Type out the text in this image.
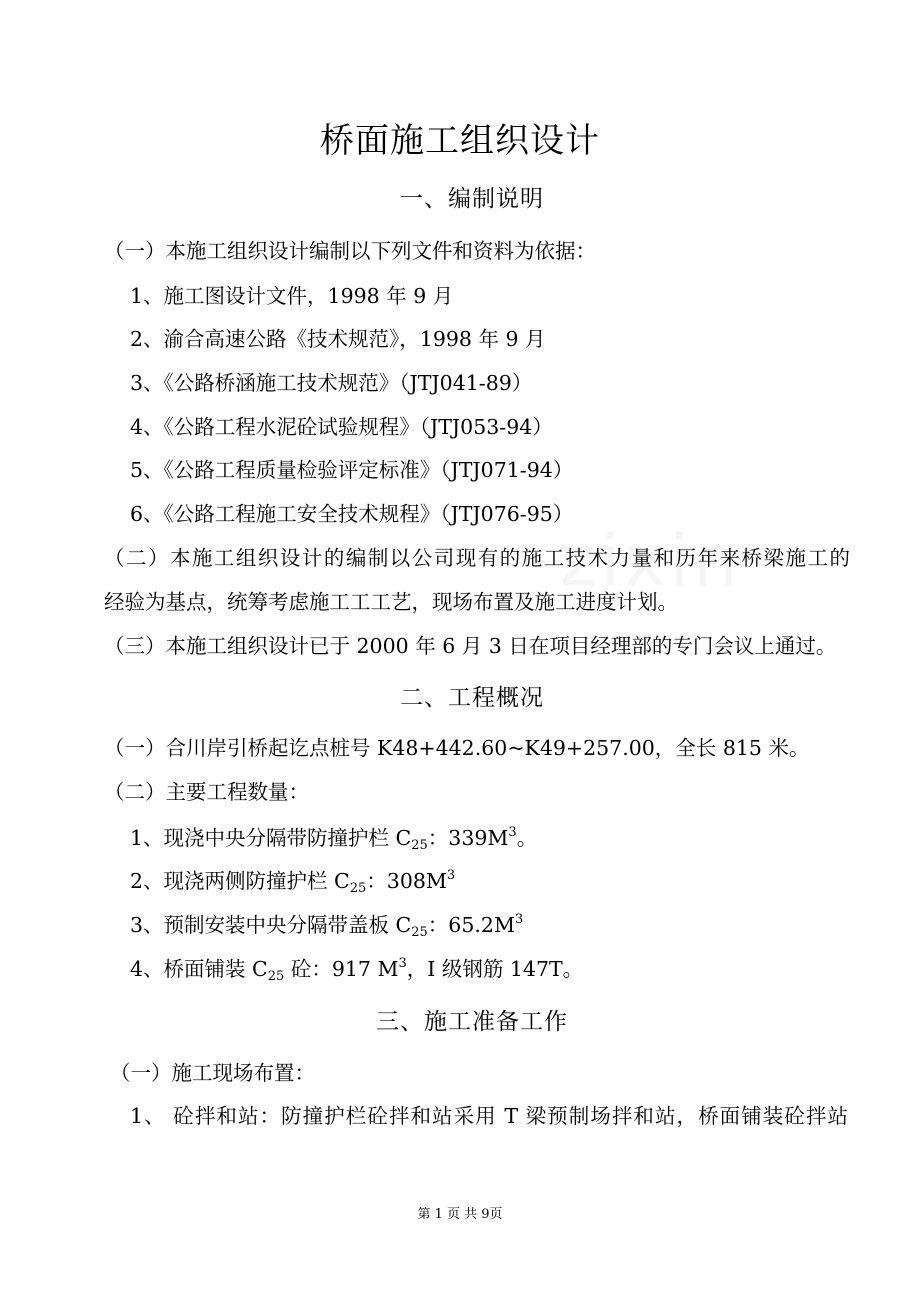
桥面施工组织设计
一、编制说明
（一）本施工组织设计编制以下列文件和资料为依据：
1、施工图设计文件，1998 年 9 月
2、渝合高速公路《技术规范》，1998 年 9 月
3、《公路桥涵施工技术规范》（JTJ041-89）
4、《公路工程水泥砼试验规程》（JTJ053-94）
5、《公路工程质量检验评定标准》（JTJ071-94）
6、《公路工程施工安全技术规程》（JTJ076-95）
（二）本施工组织设计的编制以公司现有的施工技术力量和历年来桥梁施工的
经验为基点，统筹考虑施工工工艺，现场布置及施工进度计划。
（三）本施工组织设计已于 2000 年 6 月 3 日在项目经理部的专门会议上通过。
二、工程概况
（一）合川岸引桥起讫点桩号 K48+442.60~K49+257.00，全长 815 米。
（二）主要工程数量：
1、现浇中央分隔带防撞护栏 $C_{25}$：$339M^3$。
2、现浇两侧防撞护栏 $C_{25}$：$308M^3$
3、预制安装中央分隔带盖板 $C_{25}$：$65.2M^3$
4、桥面铺装 $C_{25}$ 砼：917 $M^3$，I 级钢筋 147T。
三、施工准备工作
（一）施工现场布置：
1、 砼拌和站：防撞护栏砼拌和站采用 T 梁预制场拌和站，桥面铺装砼拌站
第 1 页 共 9页
